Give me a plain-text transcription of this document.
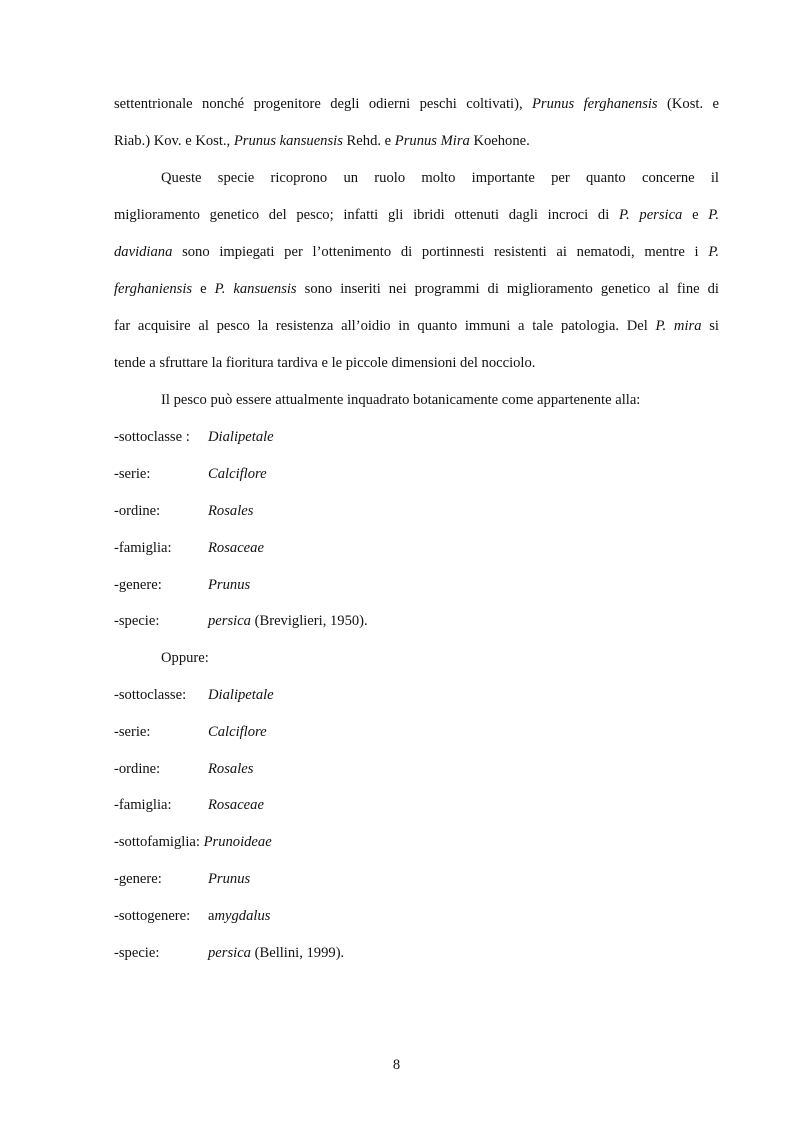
settentrionale nonché progenitore degli odierni peschi coltivati), Prunus ferghanensis (Kost. e
Riab.) Kov. e Kost., Prunus kansuensis Rehd. e Prunus Mira Koehone.
Queste specie ricoprono un ruolo molto importante per quanto concerne il
miglioramento genetico del pesco; infatti gli ibridi ottenuti dagli incroci di P. persica e P.
davidiana sono impiegati per l’ottenimento di portinnesti resistenti ai nematodi, mentre i P.
ferghaniensis e P. kansuensis sono inseriti nei programmi di miglioramento genetico al fine di
far acquisire al pesco la resistenza all’oidio in quanto immuni a tale patologia. Del P. mira si
tende a sfruttare la fioritura tardiva e le piccole dimensioni del nocciolo.
Il pesco può essere attualmente inquadrato botanicamente come appartenente alla:
-sottoclasse : Dialipetale
-serie:	Calciflore
-ordine:	Rosales
-famiglia: Rosaceae
-genere:	Prunus
-specie:	persica (Breviglieri, 1950).
Oppure:
-sottoclasse: Dialipetale
-serie:	Calciflore
-ordine:	Rosales
-famiglia: Rosaceae
-sottofamiglia: Prunoideae
-genere:	Prunus
-sottogenere: amygdalus
-specie:	persica (Bellini, 1999).
8
